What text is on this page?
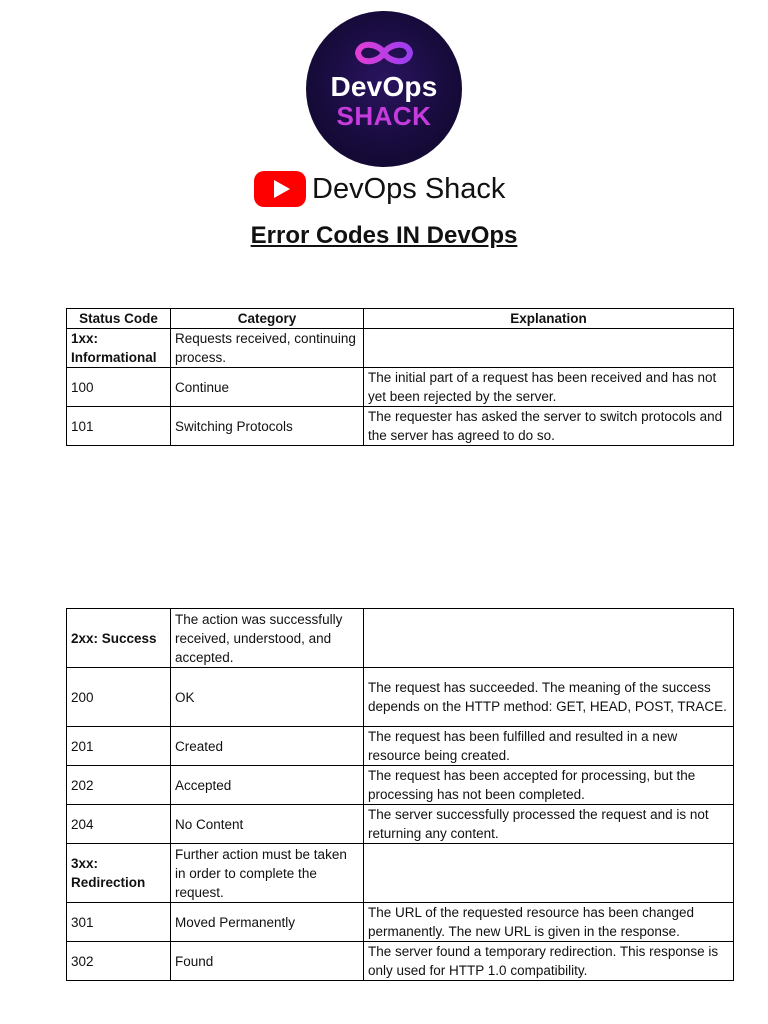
DevOps
SHACK
DevOps Shack
Error Codes IN DevOps
Status Code	Category	Explanation
1xx: Informational	Requests received, continuing process.	
100	Continue	The initial part of a request has been received and has not yet been rejected by the server.
101	Switching Protocols	The requester has asked the server to switch protocols and the server has agreed to do so.
2xx: Success	The action was successfully received, understood, and accepted.	
200	OK	The request has succeeded. The meaning of the success depends on the HTTP method: GET, HEAD, POST, TRACE.
201	Created	The request has been fulfilled and resulted in a new resource being created.
202	Accepted	The request has been accepted for processing, but the processing has not been completed.
204	No Content	The server successfully processed the request and is not returning any content.
3xx: Redirection	Further action must be taken in order to complete the request.	
301	Moved Permanently	The URL of the requested resource has been changed permanently. The new URL is given in the response.
302	Found	The server found a temporary redirection. This response is only used for HTTP 1.0 compatibility.
